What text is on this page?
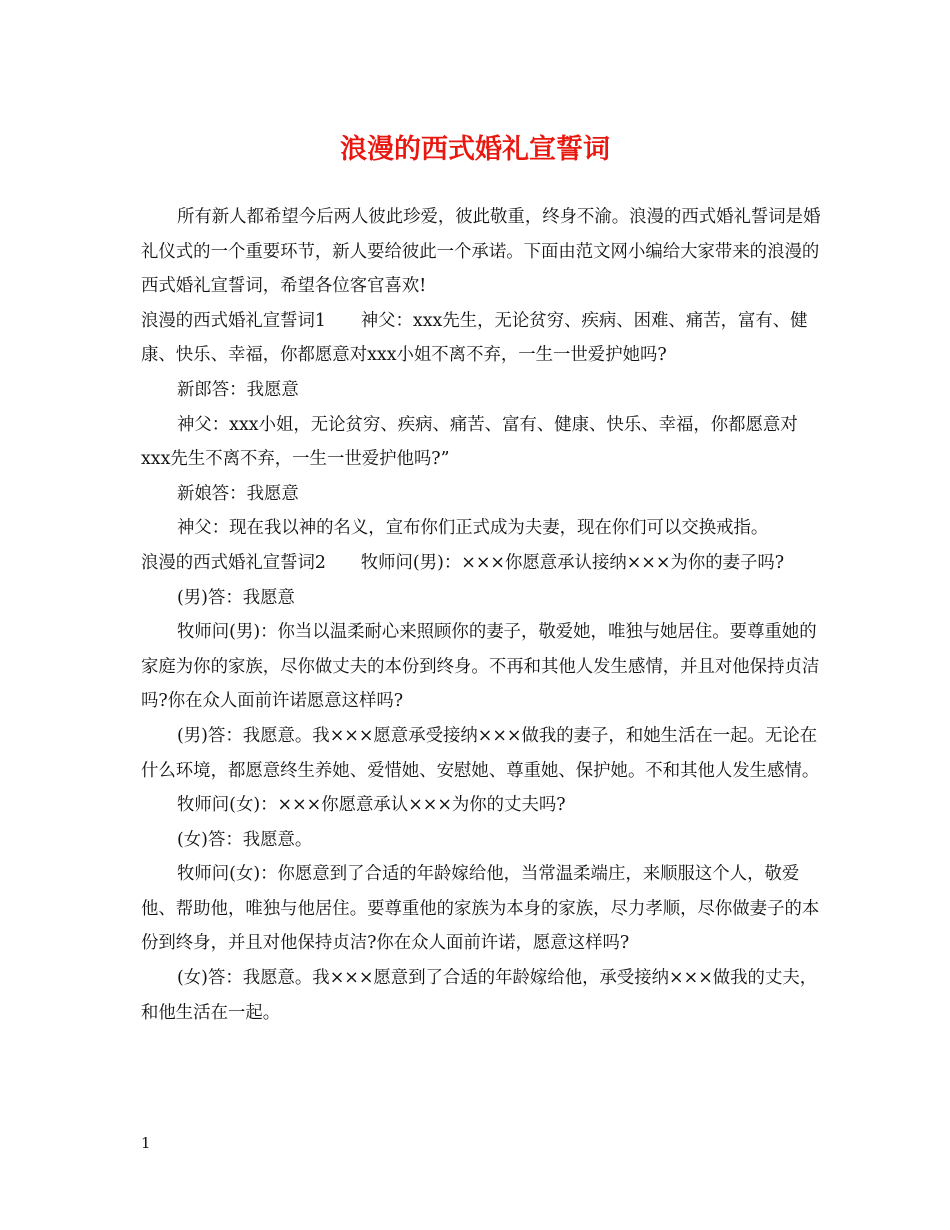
浪漫的西式婚礼宣誓词

所有新人都希望今后两人彼此珍爱，彼此敬重，终身不渝。浪漫的西式婚礼誓词是婚礼仪式的一个重要环节，新人要给彼此一个承诺。下面由范文网小编给大家带来的浪漫的西式婚礼宣誓词，希望各位客官喜欢!

浪漫的西式婚礼宣誓词1　　神父：xxx先生，无论贫穷、疾病、困难、痛苦，富有、健康、快乐、幸福，你都愿意对xxx小姐不离不弃，一生一世爱护她吗?

新郎答：我愿意

神父：xxx小姐，无论贫穷、疾病、痛苦、富有、健康、快乐、幸福，你都愿意对xxx先生不离不弃，一生一世爱护他吗?”

新娘答：我愿意

神父：现在我以神的名义，宣布你们正式成为夫妻，现在你们可以交换戒指。

浪漫的西式婚礼宣誓词2　　牧师问(男)：×××你愿意承认接纳×××为你的妻子吗?

(男)答：我愿意

牧师问(男)：你当以温柔耐心来照顾你的妻子，敬爱她，唯独与她居住。要尊重她的家庭为你的家族，尽你做丈夫的本份到终身。不再和其他人发生感情，并且对他保持贞洁吗?你在众人面前许诺愿意这样吗?

(男)答：我愿意。我×××愿意承受接纳×××做我的妻子，和她生活在一起。无论在什么环境，都愿意终生养她、爱惜她、安慰她、尊重她、保护她。不和其他人发生感情。

牧师问(女)：×××你愿意承认×××为你的丈夫吗?

(女)答：我愿意。

牧师问(女)：你愿意到了合适的年龄嫁给他，当常温柔端庄，来顺服这个人，敬爱他、帮助他，唯独与他居住。要尊重他的家族为本身的家族，尽力孝顺，尽你做妻子的本份到终身，并且对他保持贞洁?你在众人面前许诺，愿意这样吗?

(女)答：我愿意。我×××愿意到了合适的年龄嫁给他，承受接纳×××做我的丈夫，和他生活在一起。

1
